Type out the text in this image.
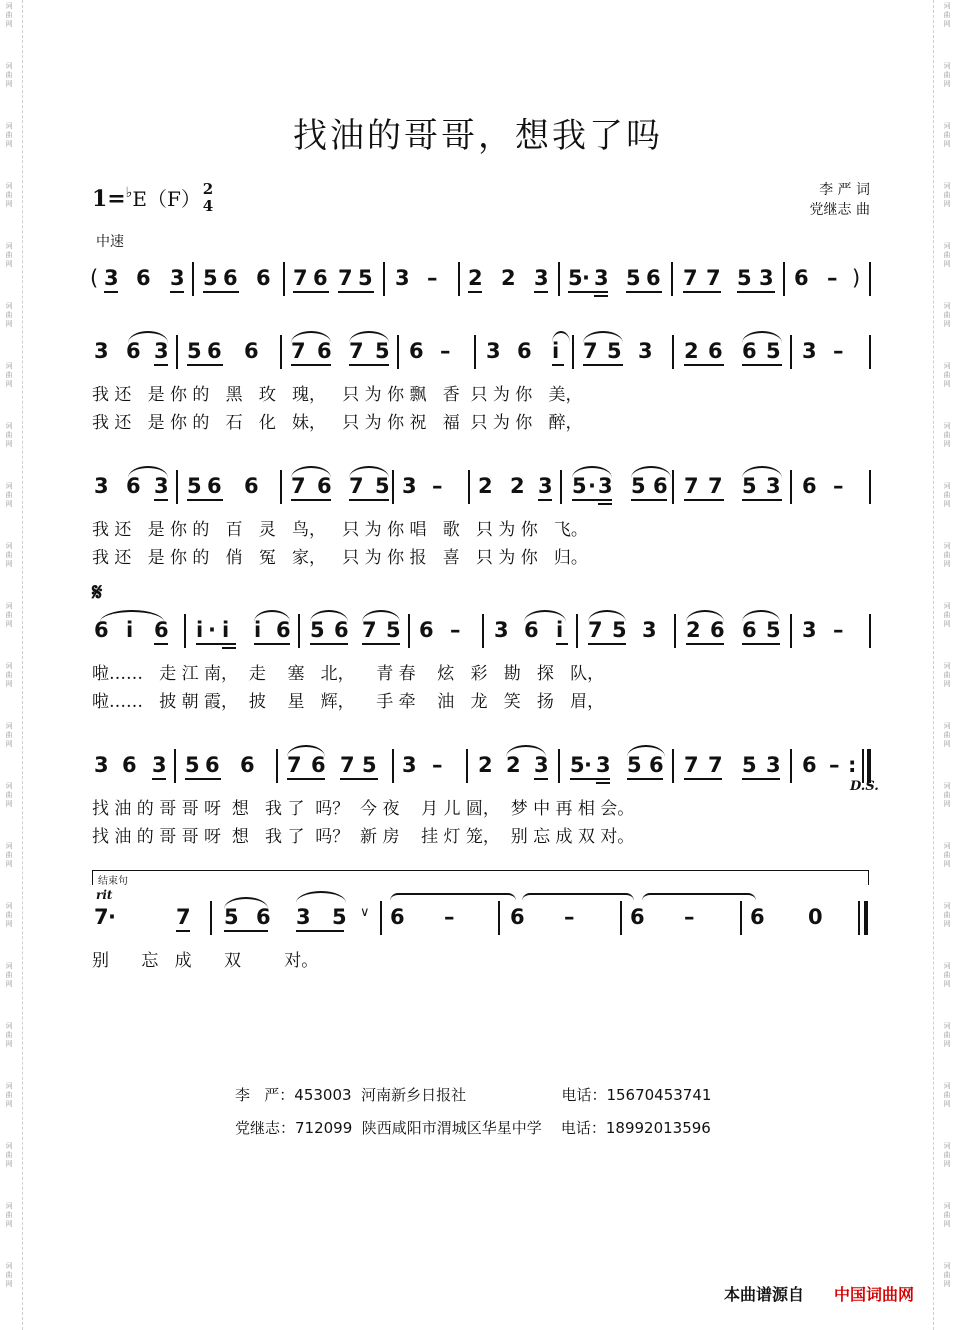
词
曲
网
词
曲
网
词
曲
网
词
曲
网
词
曲
网
词
曲
网
词
曲
网
词
曲
网
词
曲
网
词
曲
网
词
曲
网
词
曲
网
词
曲
网
词
曲
网
词
曲
网
词
曲
网
词
曲
网
词
曲
网
词
曲
网
词
曲
网
词
曲
网
词
曲
网
词
曲
网
词
曲
网
词
曲
网
词
曲
网
词
曲
网
词
曲
网
词
曲
网
词
曲
网
词
曲
网
词
曲
网
词
曲
网
词
曲
网
词
曲
网
词
曲
网
词
曲
网
词
曲
网
词
曲
网
词
曲
网
词
曲
网
词
曲
网
词
曲
网
词
曲
网
找油的哥哥，想我了吗
1=♭E（F） 2
4
李 严 词
党继志 曲
中速
( 3 6 3 5 6 6 7 6 7 5 3 – 2 2 3 5 · 3 5 6 7 7 5 3 6 – )
3 6 3 5 6 6 7 6 7 5 6 – 3 6 i 7 5 3 2 6 6 5 3 –
我 还   是 你 的   黑   玫   瑰，   只 为 你 飘   香  只 为 你   美，
我 还   是 你 的   石   化   妹，   只 为 你 祝   福  只 为 你   醉，
3 6 3 5 6 6 7 6 7 5 3 – 2 2 3 5 · 3 5 6 7 7 5 3 6 –
我 还   是 你 的   百   灵   鸟，   只 为 你 唱   歌   只 为 你   飞。
我 还   是 你 的   俏   冤   家，   只 为 你 报   喜   只 为 你   归。
𝄋
6 i 6 i · i i 6 5 6 7 5 6 – 3 6 i 7 5 3 2 6 6 5 3 –
啦……   走 江 南，  走    塞   北，    青 春    炫   彩   勘   探   队，
啦……   披 朝 霞，  披    星   辉，    手 牵    油   龙   笑   扬   眉，
3 6 3 5 6 6 7 6 7 5 3 – 2 2 3 5 · 3 5 6 7 7 5 3 6 – :
D.S.
找 油 的 哥 哥 呀  想   我 了  吗？  今 夜    月 儿 圆，  梦 中 再 相 会。
找 油 的 哥 哥 呀  想   我 了  吗？  新 房    挂 灯 笼，  别 忘 成 双 对。
结束句
rit
7 ·	7 5 6 3 5 ∨ 6 –	6 –	6 –	6 0
别      忘   成      双        对。
李   严：453003  河南新乡日报社                    电话：15670453741
党继志：712099  陕西咸阳市渭城区华星中学    电话：18992013596
本曲谱源自 中国词曲网
